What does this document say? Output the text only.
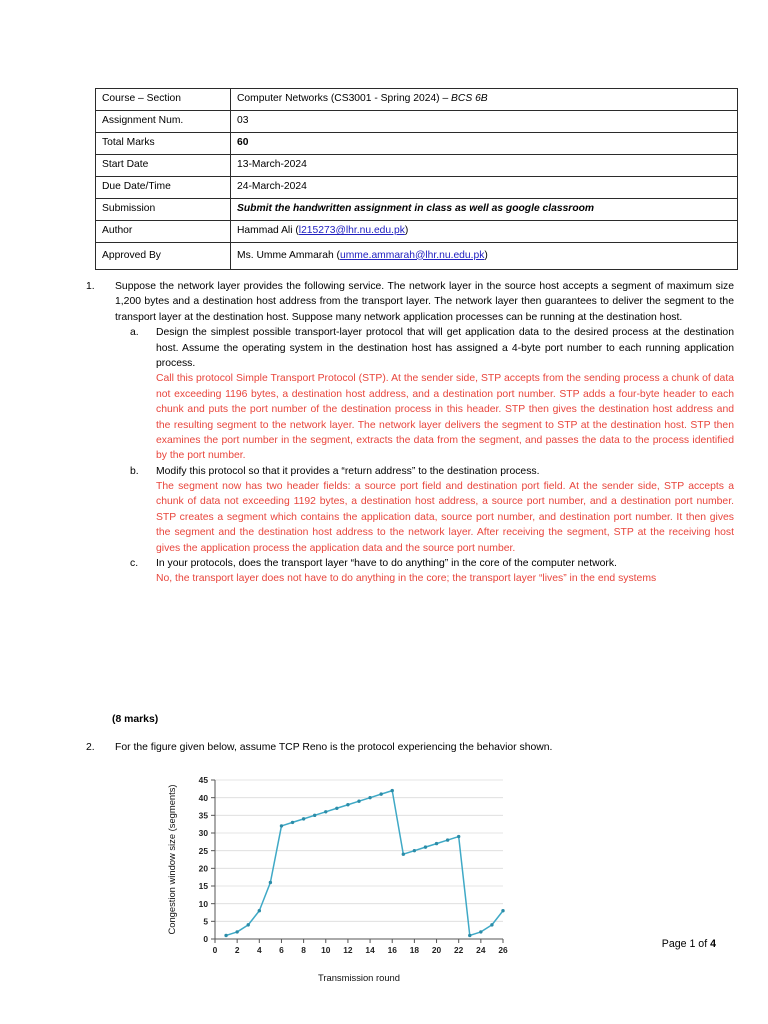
Course – Section	Computer Networks (CS3001 - Spring 2024) – BCS 6B
Assignment Num.	03
Total Marks	60
Start Date	13-March-2024
Due Date/Time	24-March-2024
Submission	Submit the handwritten assignment in class as well as google classroom
Author	Hammad Ali (l215273@lhr.nu.edu.pk)
Approved By	Ms. Umme Ammarah (umme.ammarah@lhr.nu.edu.pk)
1.	Suppose the network layer provides the following service. The network layer in the source host accepts a segment of maximum size 1,200 bytes and a destination host address from the transport layer. The network layer then guarantees to deliver the segment to the transport layer at the destination host. Suppose many network application processes can be running at the destination host.
a.	Design the simplest possible transport-layer protocol that will get application data to the desired process at the destination host. Assume the operating system in the destination host has assigned a 4-byte port number to each running application process.
Call this protocol Simple Transport Protocol (STP). At the sender side, STP accepts from the sending process a chunk of data not exceeding 1196 bytes, a destination host address, and a destination port number. STP adds a four-byte header to each chunk and puts the port number of the destination process in this header. STP then gives the destination host address and the resulting segment to the network layer. The network layer delivers the segment to STP at the destination host. STP then examines the port number in the segment, extracts the data from the segment, and passes the data to the process identified by the port number.
b.	Modify this protocol so that it provides a “return address” to the destination process.
The segment now has two header fields: a source port field and destination port field. At the sender side, STP accepts a chunk of data not exceeding 1192 bytes, a destination host address, a source port number, and a destination port number. STP creates a segment which contains the application data, source port number, and destination port number. It then gives the segment and the destination host address to the network layer. After receiving the segment, STP at the receiving host gives the application process the application data and the source port number.
c.	In your protocols, does the transport layer “have to do anything” in the core of the computer network.
No, the transport layer does not have to do anything in the core; the transport layer “lives” in the end systems
(8 marks)
2.	For the figure given below, assume TCP Reno is the protocol experiencing the behavior shown.
0
5
10
15
20
25
30
35
40
45
0 2 4 6 8 10 12 14 16 18 20 22 24 26
Transmission round
Congestion window size (segments)
Page 1 of 4
